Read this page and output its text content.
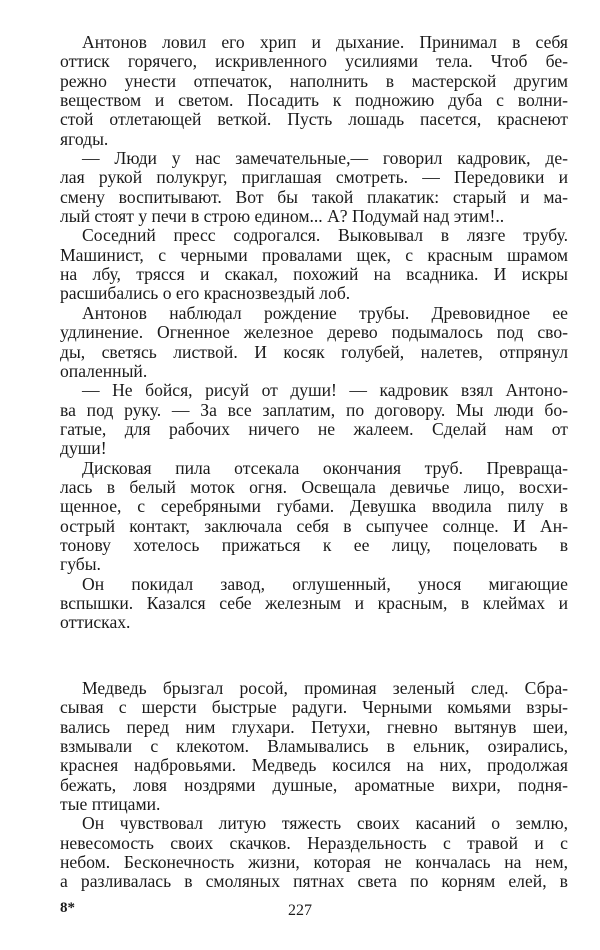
Антонов ловил его хрип и дыхание. Принимал в себя
оттиск горячего, искривленного усилиями тела. Чтоб бе-
режно унести отпечаток, наполнить в мастерской другим
веществом и светом. Посадить к подножию дуба с волни-
стой отлетающей веткой. Пусть лошадь пасется, краснеют
ягоды.
— Люди у нас замечательные,— говорил кадровик, де-
лая рукой полукруг, приглашая смотреть. — Передовики и
смену воспитывают. Вот бы такой плакатик: старый и ма-
лый стоят у печи в строю едином... А? Подумай над этим!..
Соседний пресс содрогался. Выковывал в лязге трубу.
Машинист, с черными провалами щек, с красным шрамом
на лбу, трясся и скакал, похожий на всадника. И искры
расшибались о его краснозвездый лоб.
Антонов наблюдал рождение трубы. Древовидное ее
удлинение. Огненное железное дерево подымалось под сво-
ды, светясь листвой. И косяк голубей, налетев, отпрянул
опаленный.
— Не бойся, рисуй от души! — кадровик взял Антоно-
ва под руку. — За все заплатим, по договору. Мы люди бо-
гатые, для рабочих ничего не жалеем. Сделай нам от
души!
Дисковая пила отсекала окончания труб. Превраща-
лась в белый моток огня. Освещала девичье лицо, восхи-
щенное, с серебряными губами. Девушка вводила пилу в
острый контакт, заключала себя в сыпучее солнце. И Ан-
тонову хотелось прижаться к ее лицу, поцеловать в
губы.
Он покидал завод, оглушенный, унося мигающие
вспышки. Казался себе железным и красным, в клеймах и
оттисках.
Медведь брызгал росой, проминая зеленый след. Сбра-
сывая с шерсти быстрые радуги. Черными комьями взры-
вались перед ним глухари. Петухи, гневно вытянув шеи,
взмывали с клекотом. Вламывались в ельник, озирались,
краснея надбровьями. Медведь косился на них, продолжая
бежать, ловя ноздрями душные, ароматные вихри, подня-
тые птицами.
Он чувствовал литую тяжесть своих касаний о землю,
невесомость своих скачков. Нераздельность с травой и с
небом. Бесконечность жизни, которая не кончалась на нем,
а разливалась в смоляных пятнах света по корням елей, в
8*	227
